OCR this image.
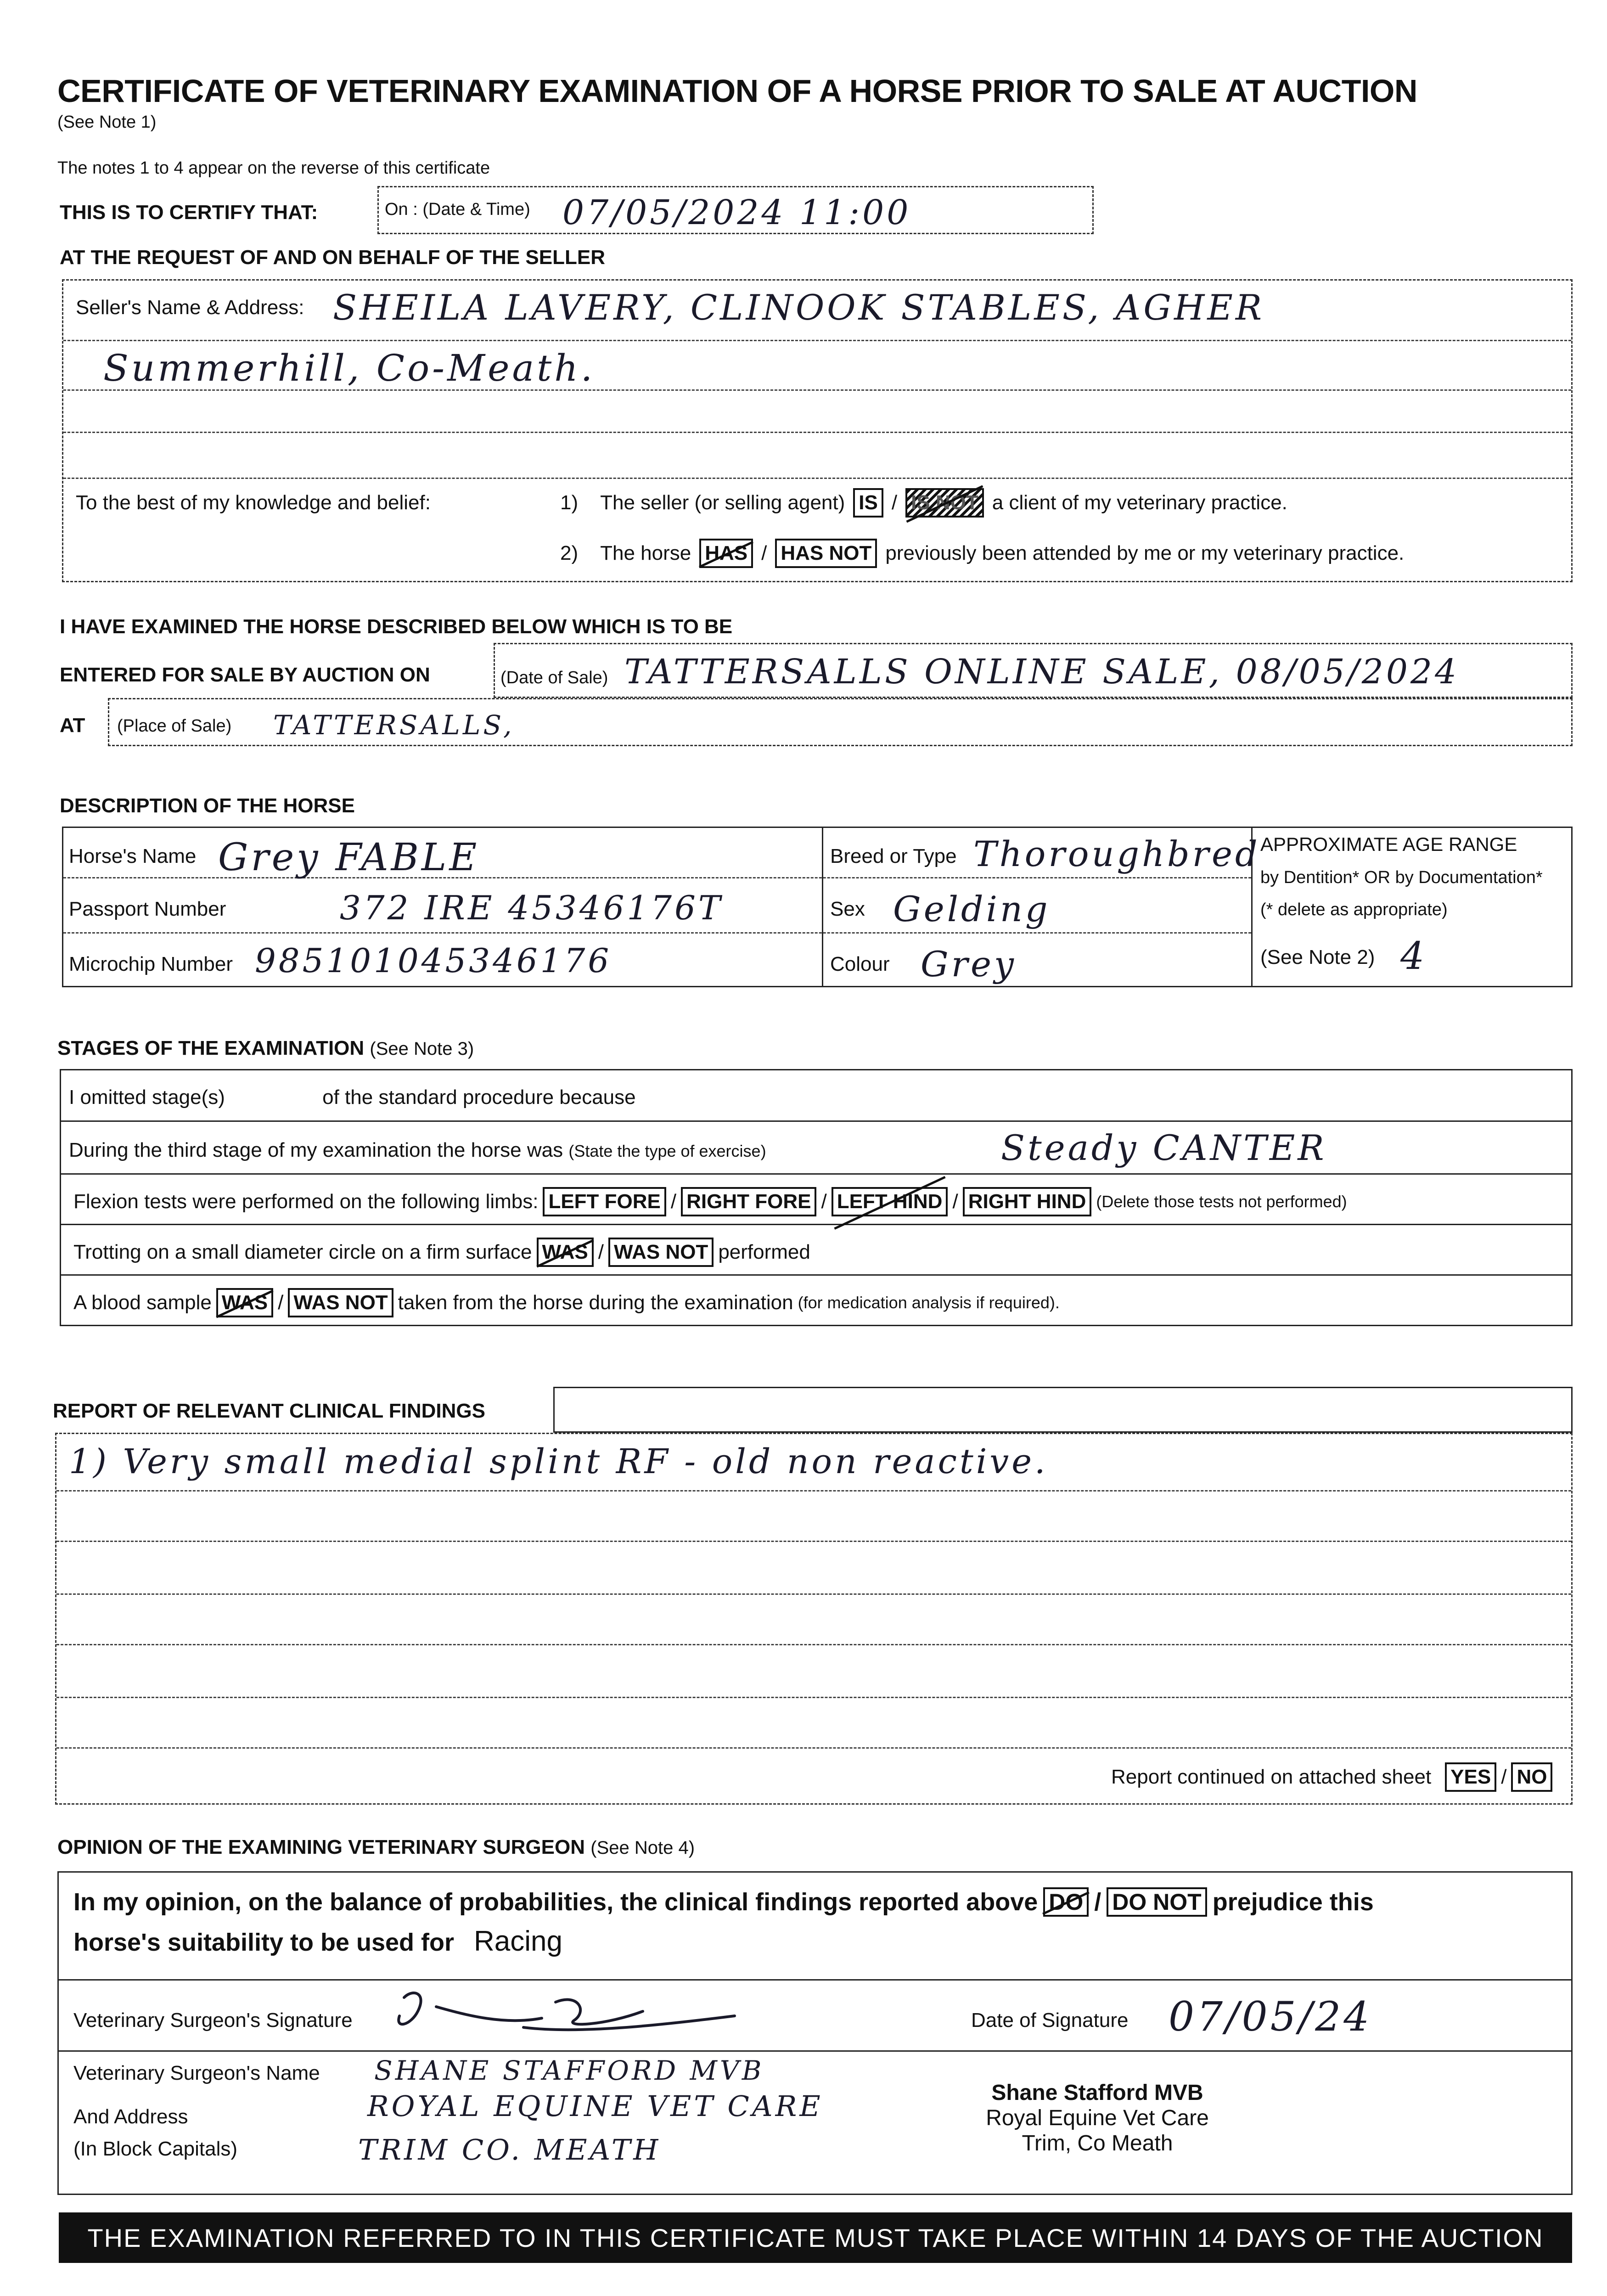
CERTIFICATE OF VETERINARY EXAMINATION OF A HORSE PRIOR TO SALE AT AUCTION
(See Note 1)
The notes 1 to 4 appear on the reverse of this certificate
THIS IS TO CERTIFY THAT:	On : (Date & Time) 07/05/2024 11:00
AT THE REQUEST OF AND ON BEHALF OF THE SELLER
Seller's Name & Address: SHEILA LAVERY, CLINOOK STABLES, AGHER
Summerhill, Co-Meath.
To the best of my knowledge and belief:	1) The seller (or selling agent) IS / IS NOT a client of my veterinary practice.
2) The horse HAS / HAS NOT previously been attended by me or my veterinary practice.
I HAVE EXAMINED THE HORSE DESCRIBED BELOW WHICH IS TO BE
ENTERED FOR SALE BY AUCTION ON	(Date of Sale) TATTERSALLS ONLINE SALE, 08/05/2024
AT (Place of Sale) TATTERSALLS,
DESCRIPTION OF THE HORSE
Horse's Name Grey FABLE
Passport Number	372 IRE 45346176T
Microchip Number 985101045346176
Breed or Type Thoroughbred
Sex Gelding
Colour Grey
APPROXIMATE AGE RANGE
by Dentition* OR by Documentation*
(* delete as appropriate)
(See Note 2) 4
STAGES OF THE EXAMINATION (See Note 3)
I omitted stage(s)	of the standard procedure because
During the third stage of my examination the horse was (State the type of exercise)	Steady CANTER
Flexion tests were performed on the following limbs: LEFT FORE / RIGHT FORE / LEFT HIND / RIGHT HIND (Delete those tests not performed)
Trotting on a small diameter circle on a firm surface WAS / WAS NOT performed
A blood sample WAS / WAS NOT taken from the horse during the examination (for medication analysis if required).
REPORT OF RELEVANT CLINICAL FINDINGS
1) Very small medial splint RF - old non reactive.
Report continued on attached sheet YES / NO
OPINION OF THE EXAMINING VETERINARY SURGEON (See Note 4)
In my opinion, on the balance of probabilities, the clinical findings reported above DO / DO NOT prejudice this
horse's suitability to be used for Racing
Veterinary Surgeon's Signature	Date of Signature 07/05/24
Veterinary Surgeon's Name SHANE STAFFORD MVB
And Address
(In Block Capitals)
ROYAL EQUINE VET CARE
TRIM CO. MEATH
Shane Stafford MVB
Royal Equine Vet Care
Trim, Co Meath
THE EXAMINATION REFERRED TO IN THIS CERTIFICATE MUST TAKE PLACE WITHIN 14 DAYS OF THE AUCTION
